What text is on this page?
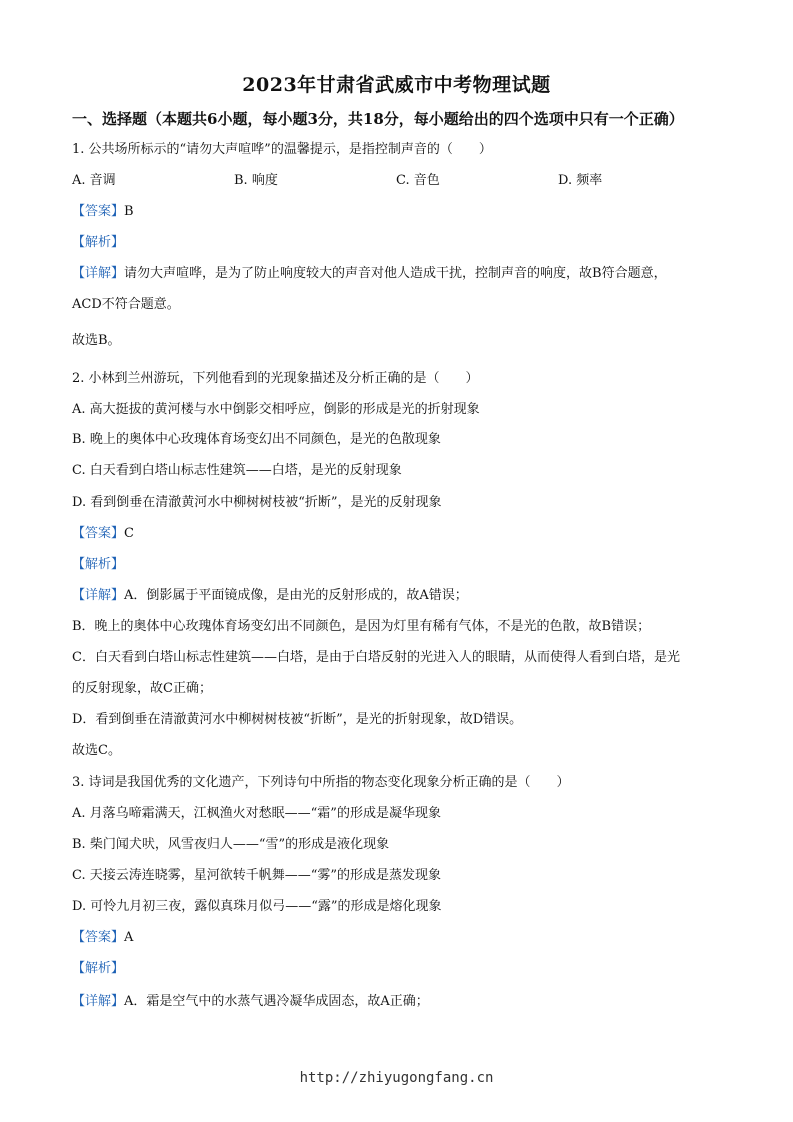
2023年甘肃省武威市中考物理试题
一、选择题（本题共6小题，每小题3分，共18分，每小题给出的四个选项中只有一个正确）
1. 公共场所标示的“请勿大声喧哗”的温馨提示，是指控制声音的（　　）
A. 音调	B. 响度	C. 音色	D. 频率
【答案】B
【解析】
【详解】请勿大声喧哗，是为了防止响度较大的声音对他人造成干扰，控制声音的响度，故B符合题意，
ACD不符合题意。
故选B。
2. 小林到兰州游玩，下列他看到的光现象描述及分析正确的是（　　）
A. 高大挺拔的黄河楼与水中倒影交相呼应，倒影的形成是光的折射现象
B. 晚上的奥体中心玫瑰体育场变幻出不同颜色，是光的色散现象
C. 白天看到白塔山标志性建筑——白塔，是光的反射现象
D. 看到倒垂在清澈黄河水中柳树树枝被“折断”，是光的反射现象
【答案】C
【解析】
【详解】A．倒影属于平面镜成像，是由光的反射形成的，故A错误；
B．晚上的奥体中心玫瑰体育场变幻出不同颜色，是因为灯里有稀有气体，不是光的色散，故B错误；
C．白天看到白塔山标志性建筑——白塔，是由于白塔反射的光进入人的眼睛，从而使得人看到白塔，是光
的反射现象，故C正确；
D．看到倒垂在清澈黄河水中柳树树枝被“折断”，是光的折射现象，故D错误。
故选C。
3. 诗词是我国优秀的文化遗产，下列诗句中所指的物态变化现象分析正确的是（　　）
A. 月落乌啼霜满天，江枫渔火对愁眠——“霜”的形成是凝华现象
B. 柴门闻犬吠，风雪夜归人——“雪”的形成是液化现象
C. 天接云涛连晓雾，星河欲转千帆舞——“雾”的形成是蒸发现象
D. 可怜九月初三夜，露似真珠月似弓——“露”的形成是熔化现象
【答案】A
【解析】
【详解】A．霜是空气中的水蒸气遇冷凝华成固态，故A正确；
http://zhiyugongfang.cn
